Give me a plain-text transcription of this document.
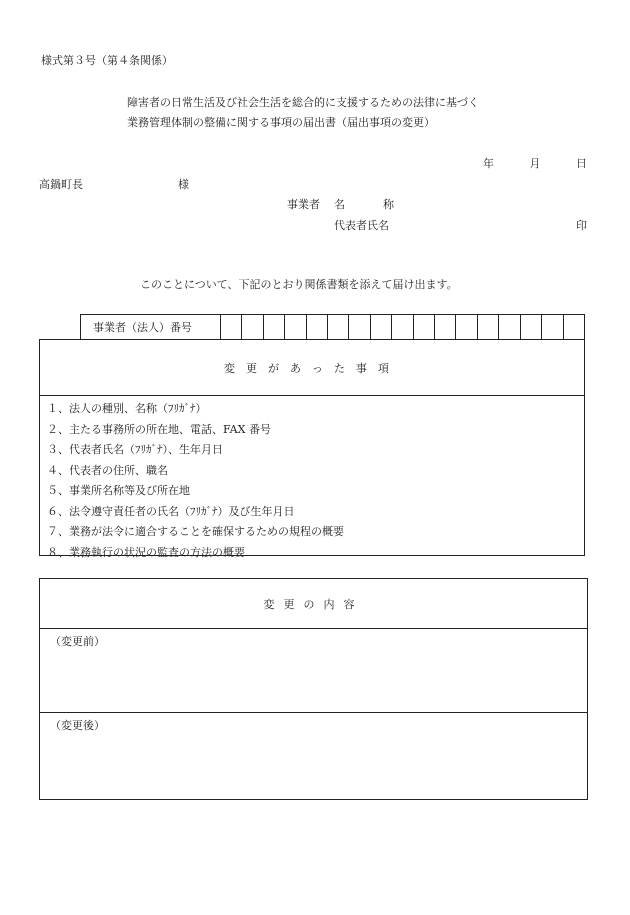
様式第３号（第４条関係）
障害者の日常生活及び社会生活を総合的に支援するための法律に基づく
業務管理体制の整備に関する事項の届出書（届出事項の変更）
年	月	日
高鍋町長	様
事業者 名	称
代表者氏名	印
このことについて、下記のとおり関係書類を添えて届け出ます。
事業者（法人）番号
変更があった事項
１、法人の種別、名称（ﾌﾘｶﾞﾅ）
２、主たる事務所の所在地、電話、FAX 番号
３、代表者氏名（ﾌﾘｶﾞﾅ）、生年月日
４、代表者の住所、職名
５、事業所名称等及び所在地
６、法令遵守責任者の氏名（ﾌﾘｶﾞﾅ）及び生年月日
７、業務が法令に適合することを確保するための規程の概要
８、業務執行の状況の監査の方法の概要
変更の内容
（変更前）
（変更後）
